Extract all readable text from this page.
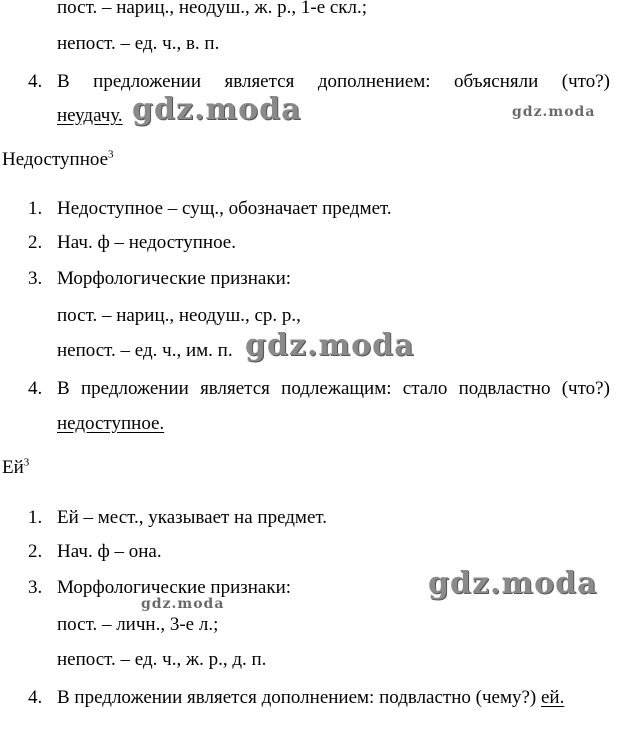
пост. – нариц., неодуш., ж. р., 1-е скл.;
непост. – ед. ч., в. п.
4. В предложении является дополнением: объясняли (что?)
неудачу. gdz.moda	gdz.moda
Недоступное$^3$
1. Недоступное – сущ., обозначает предмет.
2. Нач. ф – недоступное.
3. Морфологические признаки:
пост. – нариц., неодуш., ср. р.,
непост. – ед. ч., им. п. gdz.moda
4. В предложении является подлежащим: стало подвластно (что?)
недоступное.
$Ей^3$
1. Ей – мест., указывает на предмет.
2. Нач. ф – она.
3. Морфологические признаки:	gdz.moda
gdz.moda
пост. – личн., 3-е л.;
непост. – ед. ч., ж. р., д. п.
4. В предложении является дополнением: подвластно (чему?) ей.
